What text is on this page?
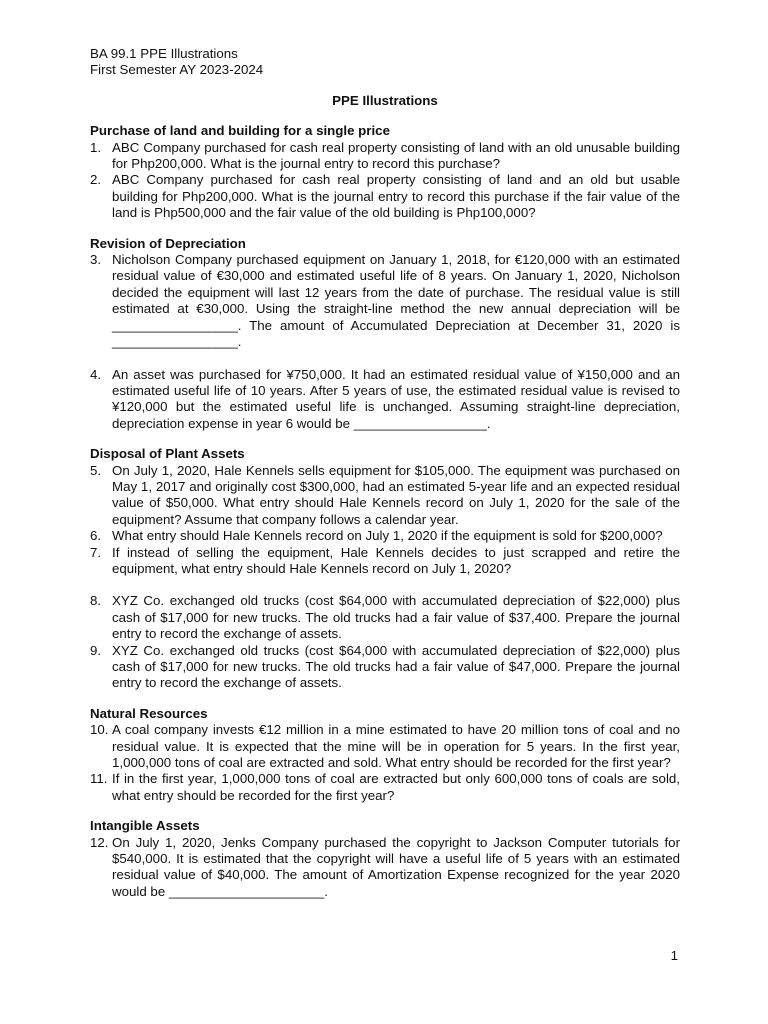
BA 99.1 PPE Illustrations

First Semester AY 2023-2024

PPE Illustrations

Purchase of land and building for a single price

1. ABC Company purchased for cash real property consisting of land with an old unusable building for Php200,000. What is the journal entry to record this purchase?
2. ABC Company purchased for cash real property consisting of land and an old but usable building for Php200,000. What is the journal entry to record this purchase if the fair value of the land is Php500,000 and the fair value of the old building is Php100,000?

Revision of Depreciation

3. Nicholson Company purchased equipment on January 1, 2018, for €120,000 with an estimated residual value of €30,000 and estimated useful life of 8 years. On January 1, 2020, Nicholson decided the equipment will last 12 years from the date of purchase. The residual value is still estimated at €30,000. Using the straight-line method the new annual depreciation will be _________________. The amount of Accumulated Depreciation at December 31, 2020 is _________________.
4. An asset was purchased for ¥750,000. It had an estimated residual value of ¥150,000 and an estimated useful life of 10 years. After 5 years of use, the estimated residual value is revised to ¥120,000 but the estimated useful life is unchanged. Assuming straight-line depreciation, depreciation expense in year 6 would be __________________.

Disposal of Plant Assets

5. On July 1, 2020, Hale Kennels sells equipment for $105,000. The equipment was purchased on May 1, 2017 and originally cost $300,000, had an estimated 5-year life and an expected residual value of $50,000. What entry should Hale Kennels record on July 1, 2020 for the sale of the equipment? Assume that company follows a calendar year.
6. What entry should Hale Kennels record on July 1, 2020 if the equipment is sold for $200,000?
7. If instead of selling the equipment, Hale Kennels decides to just scrapped and retire the equipment, what entry should Hale Kennels record on July 1, 2020?
8. XYZ Co. exchanged old trucks (cost $64,000 with accumulated depreciation of $22,000) plus cash of $17,000 for new trucks. The old trucks had a fair value of $37,400. Prepare the journal entry to record the exchange of assets.
9. XYZ Co. exchanged old trucks (cost $64,000 with accumulated depreciation of $22,000) plus cash of $17,000 for new trucks. The old trucks had a fair value of $47,000. Prepare the journal entry to record the exchange of assets.

Natural Resources

10. A coal company invests €12 million in a mine estimated to have 20 million tons of coal and no residual value. It is expected that the mine will be in operation for 5 years. In the first year, 1,000,000 tons of coal are extracted and sold. What entry should be recorded for the first year?
11. If in the first year, 1,000,000 tons of coal are extracted but only 600,000 tons of coals are sold, what entry should be recorded for the first year?

Intangible Assets

12. On July 1, 2020, Jenks Company purchased the copyright to Jackson Computer tutorials for $540,000. It is estimated that the copyright will have a useful life of 5 years with an estimated residual value of $40,000. The amount of Amortization Expense recognized for the year 2020 would be _____________________.
1
